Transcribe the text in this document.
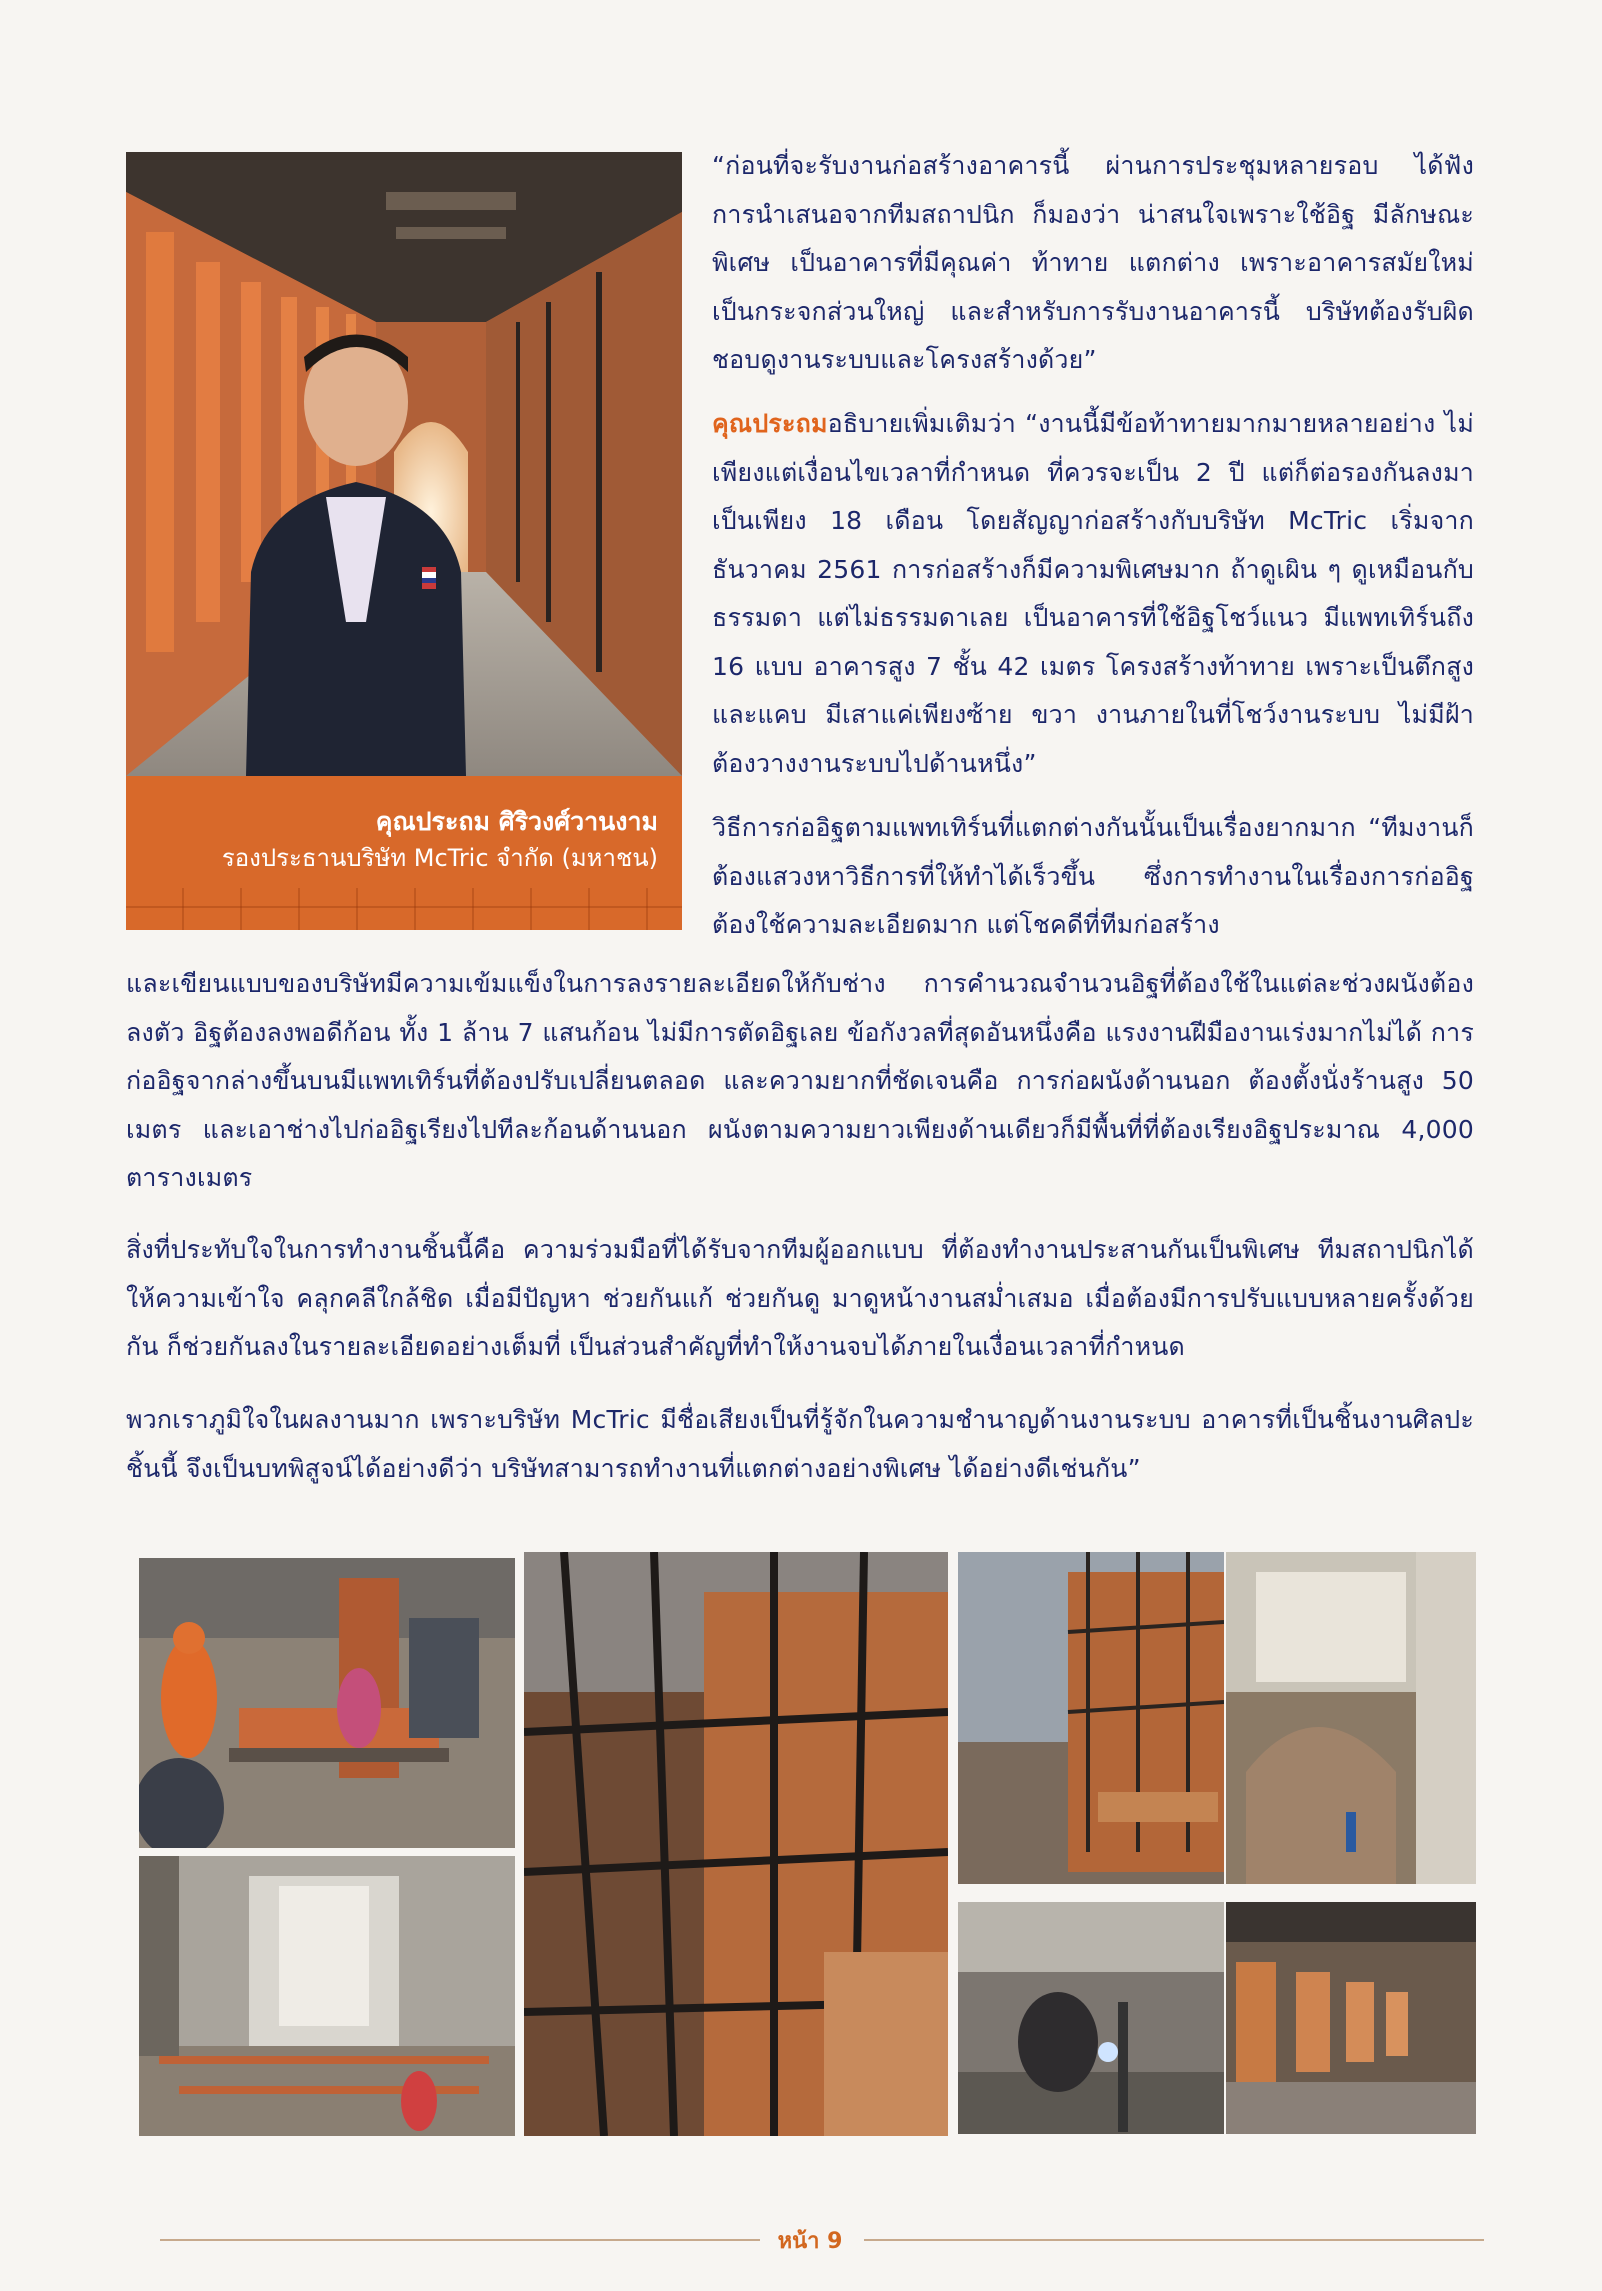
คุณประถม ศิริวงศ์วานงาม
รองประธานบริษัท McTric จำกัด (มหาชน)

“ก่อนที่จะรับงานก่อสร้างอาคารนี้ ผ่านการประชุมหลายรอบ ได้ฟังการนำเสนอจากทีมสถาปนิก ก็มองว่า น่าสนใจเพราะใช้อิฐ มีลักษณะพิเศษ เป็นอาคารที่มีคุณค่า ท้าทาย แตกต่าง เพราะอาคารสมัยใหม่เป็นกระจกส่วนใหญ่ และสำหรับการรับงานอาคารนี้ บริษัทต้องรับผิดชอบดูงานระบบและโครงสร้างด้วย”

คุณประถมอธิบายเพิ่มเติมว่า “งานนี้มีข้อท้าทายมากมายหลายอย่าง ไม่เพียงแต่เงื่อนไขเวลาที่กำหนด ที่ควรจะเป็น 2 ปี แต่ก็ต่อรองกันลงมาเป็นเพียง 18 เดือน โดยสัญญาก่อสร้างกับบริษัท McTric เริ่มจาก ธันวาคม 2561 การก่อสร้างก็มีความพิเศษมาก ถ้าดูเผิน ๆ ดูเหมือนกับธรรมดา แต่ไม่ธรรมดาเลย เป็นอาคารที่ใช้อิฐโชว์แนว มีแพทเทิร์นถึง 16 แบบ อาคารสูง 7 ชั้น 42 เมตร โครงสร้างท้าทาย เพราะเป็นตึกสูงและแคบ มีเสาแค่เพียงซ้าย ขวา งานภายในที่โชว์งานระบบ ไม่มีฝ้า ต้องวางงานระบบไปด้านหนึ่ง”

วิธีการก่ออิฐตามแพทเทิร์นที่แตกต่างกันนั้นเป็นเรื่องยากมาก “ทีมงานก็ต้องแสวงหาวิธีการที่ให้ทำได้เร็วขึ้น ซึ่งการทำงานในเรื่องการก่ออิฐต้องใช้ความละเอียดมาก แต่โชคดีที่ทีมก่อสร้าง

และเขียนแบบของบริษัทมีความเข้มแข็งในการลงรายละเอียดให้กับช่าง การคำนวณจำนวนอิฐที่ต้องใช้ในแต่ละช่วงผนังต้องลงตัว อิฐต้องลงพอดีก้อน ทั้ง 1 ล้าน 7 แสนก้อน ไม่มีการตัดอิฐเลย ข้อกังวลที่สุดอันหนึ่งคือ แรงงานฝีมืองานเร่งมากไม่ได้ การก่ออิฐจากล่างขึ้นบนมีแพทเทิร์นที่ต้องปรับเปลี่ยนตลอด และความยากที่ชัดเจนคือ การก่อผนังด้านนอก ต้องตั้งนั่งร้านสูง 50 เมตร และเอาช่างไปก่ออิฐเรียงไปทีละก้อนด้านนอก ผนังตามความยาวเพียงด้านเดียวก็มีพื้นที่ที่ต้องเรียงอิฐประมาณ 4,000 ตารางเมตร

สิ่งที่ประทับใจในการทำงานชิ้นนี้คือ ความร่วมมือที่ได้รับจากทีมผู้ออกแบบ ที่ต้องทำงานประสานกันเป็นพิเศษ ทีมสถาปนิกได้ให้ความเข้าใจ คลุกคลีใกล้ชิด เมื่อมีปัญหา ช่วยกันแก้ ช่วยกันดู มาดูหน้างานสม่ำเสมอ เมื่อต้องมีการปรับแบบหลายครั้งด้วยกัน ก็ช่วยกันลงในรายละเอียดอย่างเต็มที่ เป็นส่วนสำคัญที่ทำให้งานจบได้ภายในเงื่อนเวลาที่กำหนด

พวกเราภูมิใจในผลงานมาก เพราะบริษัท McTric มีชื่อเสียงเป็นที่รู้จักในความชำนาญด้านงานระบบ อาคารที่เป็นชิ้นงานศิลปะชิ้นนี้ จึงเป็นบทพิสูจน์ได้อย่างดีว่า บริษัทสามารถทำงานที่แตกต่างอย่างพิเศษ ได้อย่างดีเช่นกัน”

หน้า 9
